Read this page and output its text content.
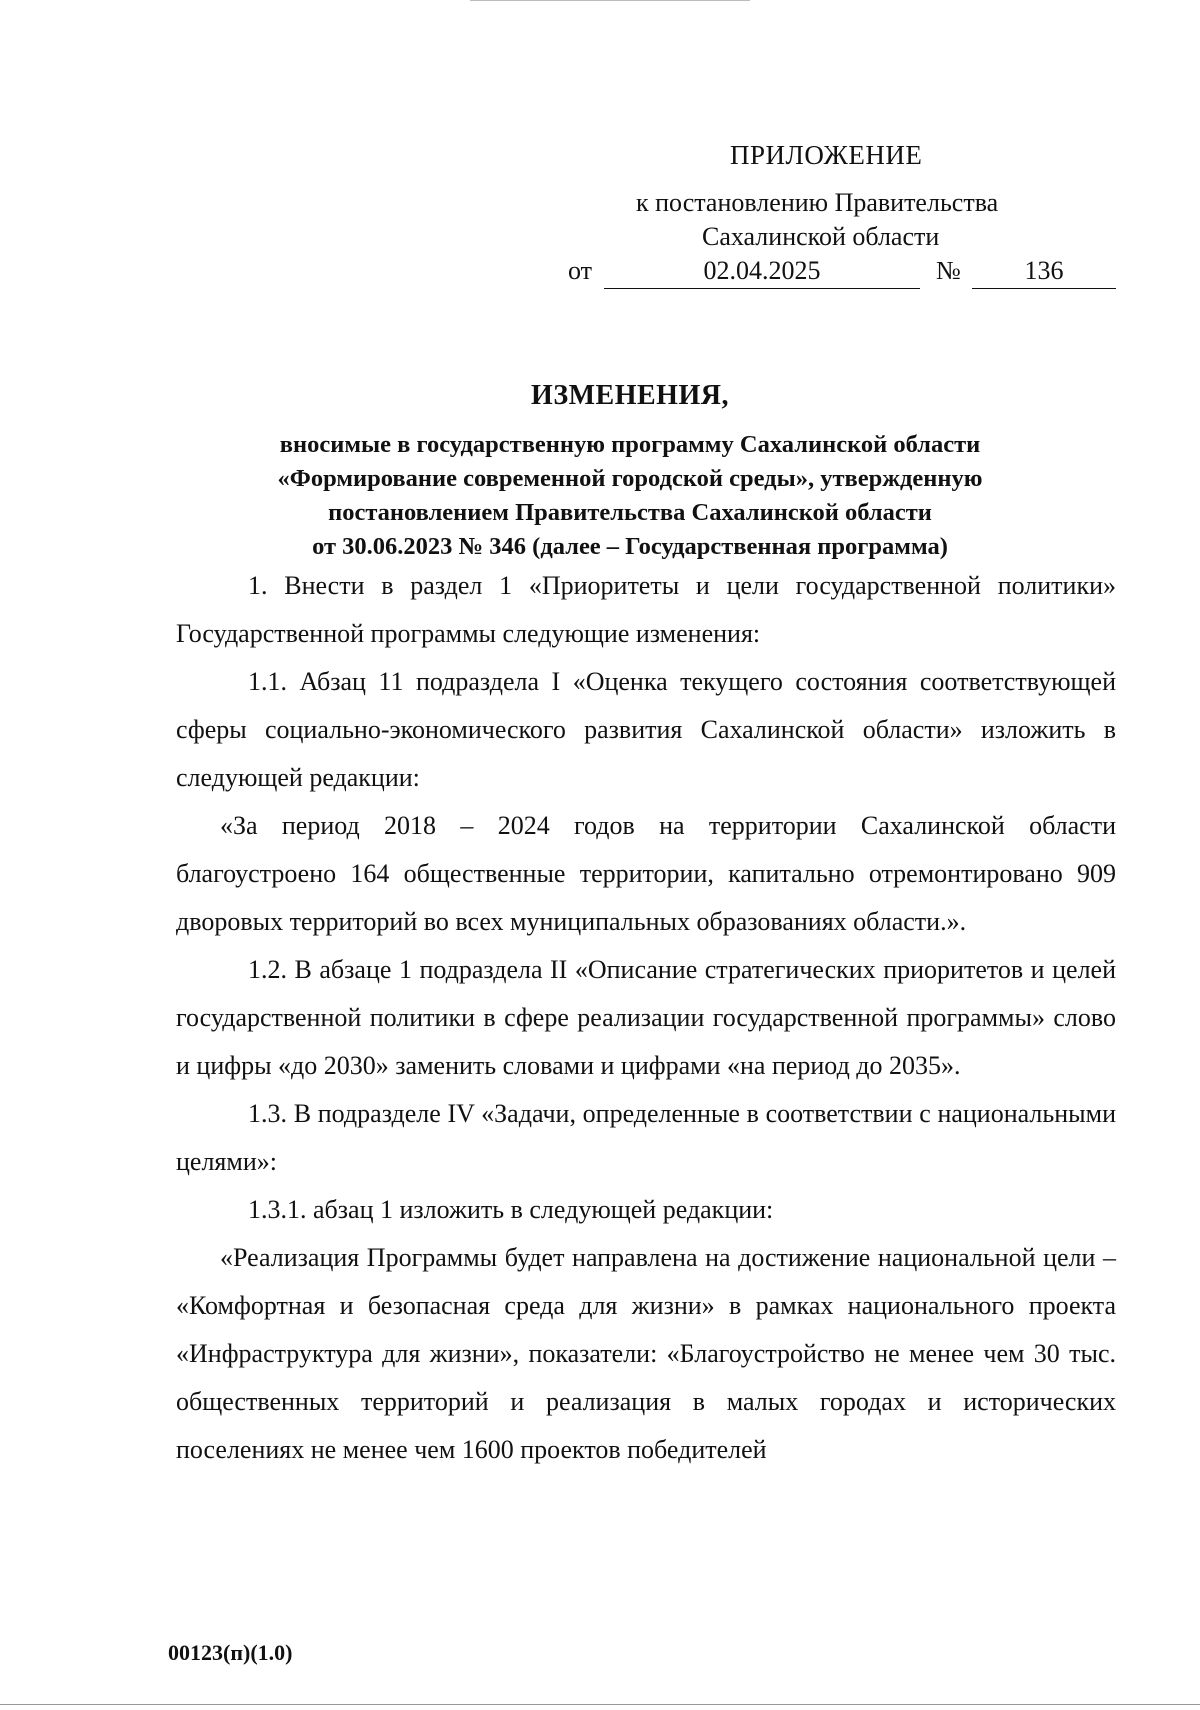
ПРИЛОЖЕНИЕ
к постановлению Правительства
Сахалинской области
от	02.04.2025	№	136
ИЗМЕНЕНИЯ,
вносимые в государственную программу Сахалинской области
«Формирование современной городской среды», утвержденную
постановлением Правительства Сахалинской области
от 30.06.2023 № 346 (далее – Государственная программа)

1. Внести в раздел 1 «Приоритеты и цели государственной политики» Государственной программы следующие изменения:

1.1. Абзац 11 подраздела I «Оценка текущего состояния соответствующей сферы социально-экономического развития Сахалинской области» изложить в следующей редакции:

«За период 2018 – 2024 годов на территории Сахалинской области благоустроено 164 общественные территории, капитально отремонтировано 909 дворовых территорий во всех муниципальных образованиях области.».

1.2. В абзаце 1 подраздела II «Описание стратегических приоритетов и целей государственной политики в сфере реализации государственной программы» слово и цифры «до 2030» заменить словами и цифрами «на период до 2035».

1.3. В подразделе IV «Задачи, определенные в соответствии с национальными целями»:

1.3.1. абзац 1 изложить в следующей редакции:

«Реализация Программы будет направлена на достижение национальной цели – «Комфортная и безопасная среда для жизни» в рамках национального проекта «Инфраструктура для жизни», показатели: «Благоустройство не менее чем 30 тыс. общественных территорий и реализация в малых городах и исторических поселениях не менее чем 1600 проектов победителей

00123(п)(1.0)
